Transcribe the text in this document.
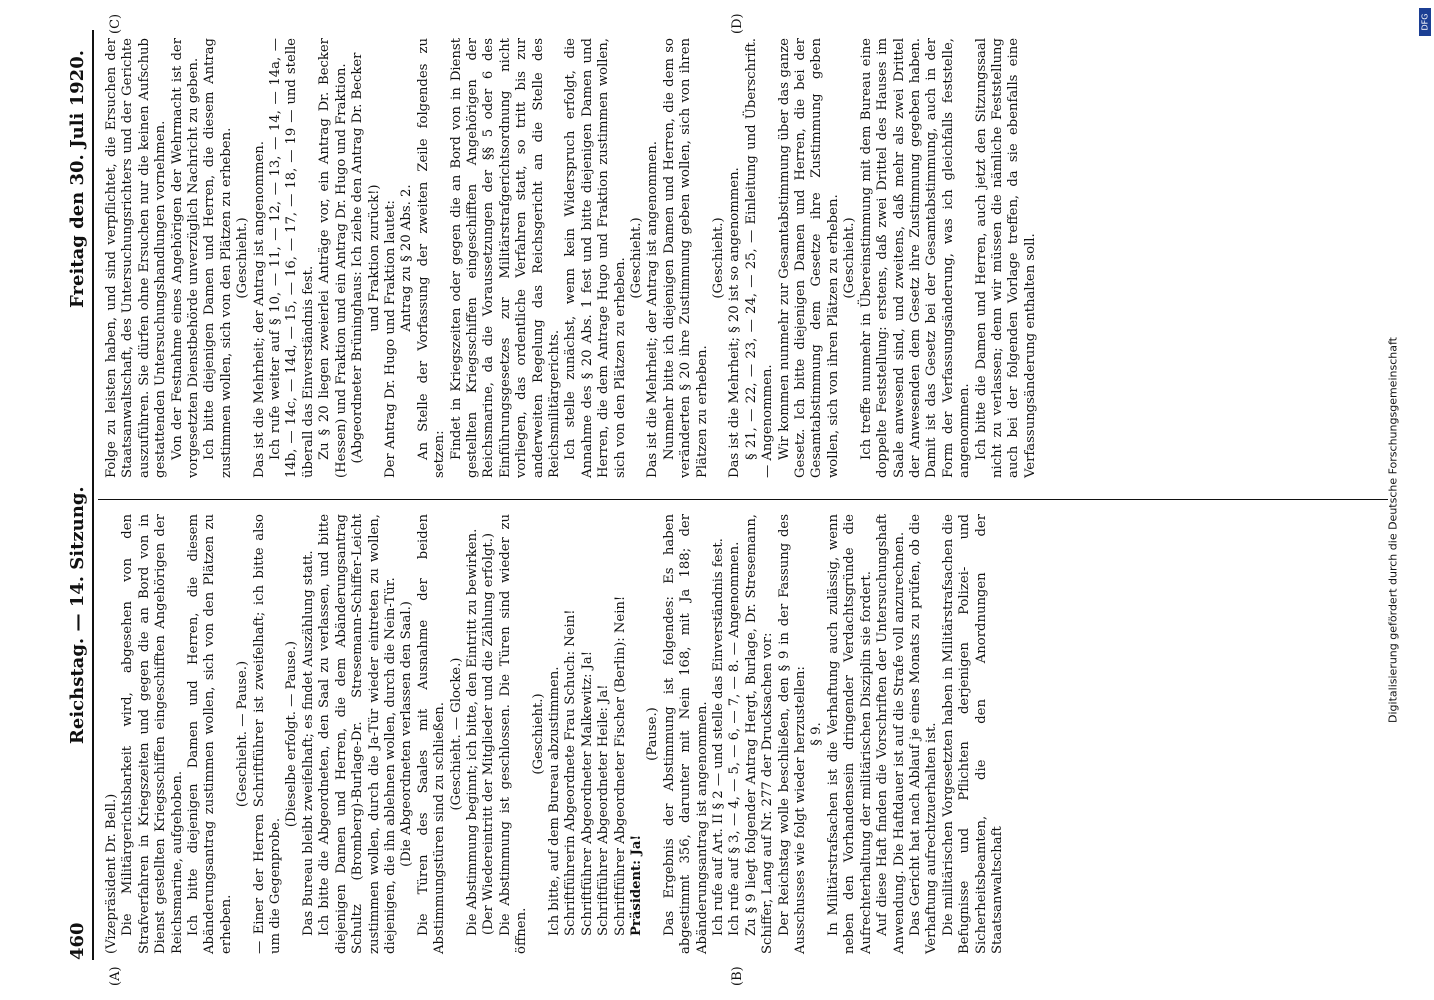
460
Reichstag. — 14. Sitzung.
Freitag den 30. Juli 1920.
(A)	(B)
(C)	(D)

(Vizepräsident Dr. Bell.) Die Militärgerichtsbarkeit wird, abgesehen von den Strafverfahren in Kriegszeiten und gegen die an Bord von in Dienst gestellten Kriegsschiffen eingeschifften Angehörigen der Reichsmarine, aufgehoben. Ich bitte diejenigen Damen und Herren, die diesem Abänderungsantrag zustimmen wollen, sich von den Plätzen zu erheben.

(Geschieht. — Pause.) — Einer der Herren Schriftführer ist zweifelhaft; ich bitte also um die Gegenprobe.

(Dieselbe erfolgt. — Pause.) Das Bureau bleibt zweifelhaft; es findet Auszählung statt. Ich bitte die Abgeordneten, den Saal zu verlassen, und bitte diejenigen Damen und Herren, die dem Abänderungsantrag Schultz (Bromberg)-Burlage-Dr. Stresemann-Schiffer-Leicht zustimmen wollen, durch die Ja-Tür wieder eintreten zu wollen, diejenigen, die ihn ablehnen wollen, durch die Nein-Tür. (Die Abgeordneten verlassen den Saal.) Die Türen des Saales mit Ausnahme der beiden Abstimmungstüren sind zu schließen. (Geschieht. — Glocke.) Die Abstimmung beginnt; ich bitte, den Eintritt zu bewirken. (Der Wiedereintritt der Mitglieder und die Zählung erfolgt.) Die Abstimmung ist geschlossen. Die Türen sind wieder zu öffnen.

(Geschieht.) Ich bitte, auf dem Bureau abzustimmen. Schriftführerin Abgeordnete Frau Schuch: Nein! Schriftführer Abgeordneter Malkewitz: Ja! Schriftführer Abgeordneter Heile: Ja! Schriftführer Abgeordneter Fischer (Berlin): Nein! Präsident: Ja!

(Pause.) Das Ergebnis der Abstimmung ist folgendes: Es haben abgestimmt 356, darunter mit Nein 168, mit Ja 188; der Abänderungsantrag ist angenommen. Ich rufe auf Art. II § 2 — und stelle das Einverständnis fest. Ich rufe auf § 3, — 4, — 5, — 6, — 7, — 8. — Angenommen. Zu § 9 liegt folgender Antrag Hergt, Burlage, Dr. Stresemann, Schiffer, Lang auf Nr. 277 der Drucksachen vor: Der Reichstag wolle beschließen, den § 9 in der Fassung des Ausschusses wie folgt wieder herzustellen: § 9. In Militärstrafsachen ist die Verhaftung auch zulässig, wenn neben den Vorhandensein dringender Verdachtsgründe die Aufrechterhaltung der militärischen Disziplin sie fordert. Auf diese Haft finden die Vorschriften der Untersuchungshaft Anwendung. Die Haftdauer ist auf die Strafe voll anzurechnen. Das Gericht hat nach Ablauf je eines Monats zu prüfen, ob die Verhaftung aufrechtzuerhalten ist. Die militärischen Vorgesetzten haben in Militärstrafsachen die Befugnisse und Pflichten derjenigen Polizei- und Sicherheitsbeamten, die den Anordnungen der Staatsanwaltschaft

Folge zu leisten haben, und sind verpflichtet, die Ersuchen der Staatsanwaltschaft, des Untersuchungsrichters und der Gerichte auszuführen. Sie dürfen ohne Ersuchen nur die keinen Aufschub gestattenden Untersuchungshandlungen vornehmen. Von der Festnahme eines Angehörigen der Wehrmacht ist der vorgesetzten Dienstbehörde unverzüglich Nachricht zu geben. Ich bitte diejenigen Damen und Herren, die diesem Antrag zustimmen wollen, sich von den Plätzen zu erheben. (Geschieht.) Das ist die Mehrheit; der Antrag ist angenommen. Ich rufe weiter auf § 10, — 11, — 12, — 13, — 14, — 14a, — 14b, — 14c, — 14d, — 15, — 16, — 17, — 18, — 19 — und stelle überall das Einverständnis fest. Zu § 20 liegen zweierlei Anträge vor, ein Antrag Dr. Becker (Hessen) und Fraktion und ein Antrag Dr. Hugo und Fraktion. (Abgeordneter Brüninghaus: Ich ziehe den Antrag Dr. Becker und Fraktion zurück!) Der Antrag Dr. Hugo und Fraktion lautet: Antrag zu § 20 Abs. 2. An Stelle der Vorfassung der zweiten Zeile folgendes zu setzen: Findet in Kriegszeiten oder gegen die an Bord von in Dienst gestellten Kriegsschiffen eingeschifften Angehörigen der Reichsmarine, da die Voraussetzungen der §§ 5 oder 6 des Einführungsgesetzes zur Militärstrafgerichtsordnung nicht vorliegen, das ordentliche Verfahren statt, so tritt bis zur anderweiten Regelung das Reichsgericht an die Stelle des Reichsmilitärgerichts. Ich stelle zunächst, wenn kein Widerspruch erfolgt, die Annahme des § 20 Abs. 1 fest und bitte diejenigen Damen und Herren, die dem Antrage Hugo und Fraktion zustimmen wollen, sich von den Plätzen zu erheben. (Geschieht.) Das ist die Mehrheit; der Antrag ist angenommen. Nunmehr bitte ich diejenigen Damen und Herren, die dem so veränderten § 20 ihre Zustimmung geben wollen, sich von ihren Plätzen zu erheben.

(Geschieht.) Das ist die Mehrheit; § 20 ist so angenommen. § 21, — 22, — 23, — 24, — 25, — Einleitung und Überschrift. — Angenommen. Wir kommen nunmehr zur Gesamtabstimmung über das ganze Gesetz. Ich bitte diejenigen Damen und Herren, die bei der Gesamtabstimmung dem Gesetze ihre Zustimmung geben wollen, sich von ihren Plätzen zu erheben. (Geschieht.) Ich treffe nunmehr in Übereinstimmung mit dem Bureau eine doppelte Feststellung: erstens, daß zwei Drittel des Hauses im Saale anwesend sind, und zweitens, daß mehr als zwei Drittel der Anwesenden dem Gesetz ihre Zustimmung gegeben haben. Damit ist das Gesetz bei der Gesamtabstimmung, auch in der Form der Verfassungsänderung, was ich gleichfalls feststelle, angenommen. Ich bitte die Damen und Herren, auch jetzt den Sitzungssaal nicht zu verlassen; denn wir müssen die nämliche Feststellung auch bei der folgenden Vorlage treffen, da sie ebenfalls eine Verfassungsänderung enthalten soll.	Digitalisierung gefördert durch die Deutsche Forschungsgemeinschaft
DFG
